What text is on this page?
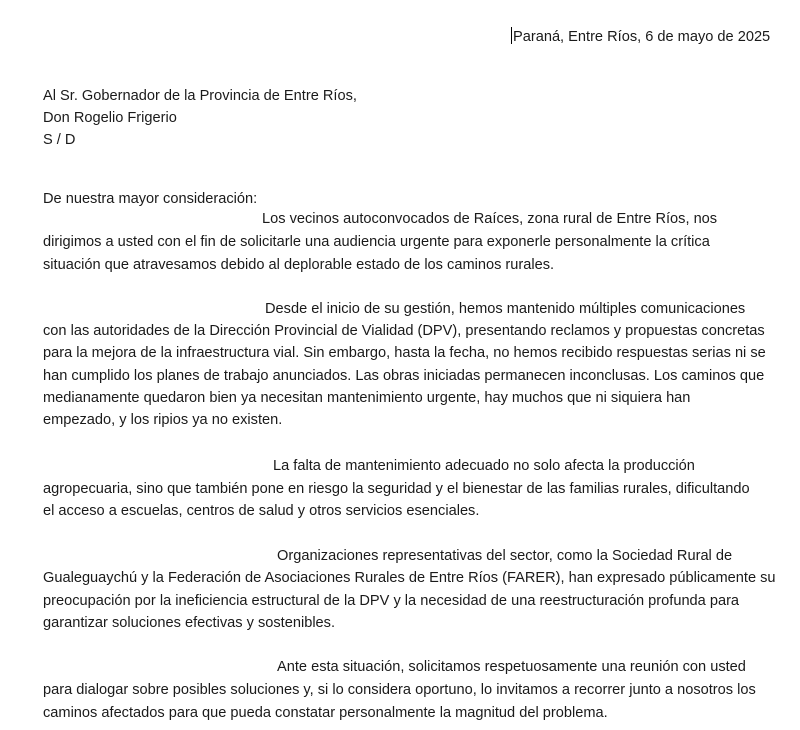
Paraná, Entre Ríos, 6 de mayo de 2025
Al Sr. Gobernador de la Provincia de Entre Ríos,
Don Rogelio Frigerio
S / D
De nuestra mayor consideración:
Los vecinos autoconvocados de Raíces, zona rural de Entre Ríos, nos
dirigimos a usted con el fin de solicitarle una audiencia urgente para exponerle personalmente la crítica
situación que atravesamos debido al deplorable estado de los caminos rurales.
Desde el inicio de su gestión, hemos mantenido múltiples comunicaciones
con las autoridades de la Dirección Provincial de Vialidad (DPV), presentando reclamos y propuestas concretas
para la mejora de la infraestructura vial. Sin embargo, hasta la fecha, no hemos recibido respuestas serias ni se
han cumplido los planes de trabajo anunciados. Las obras iniciadas permanecen inconclusas. Los caminos que
medianamente quedaron bien ya necesitan mantenimiento urgente, hay muchos que ni siquiera han
empezado, y los ripios ya no existen.
La falta de mantenimiento adecuado no solo afecta la producción
agropecuaria, sino que también pone en riesgo la seguridad y el bienestar de las familias rurales, dificultando
el acceso a escuelas, centros de salud y otros servicios esenciales.
Organizaciones representativas del sector, como la Sociedad Rural de
Gualeguaychú y la Federación de Asociaciones Rurales de Entre Ríos (FARER), han expresado públicamente su
preocupación por la ineficiencia estructural de la DPV y la necesidad de una reestructuración profunda para
garantizar soluciones efectivas y sostenibles.
Ante esta situación, solicitamos respetuosamente una reunión con usted
para dialogar sobre posibles soluciones y, si lo considera oportuno, lo invitamos a recorrer junto a nosotros los
caminos afectados para que pueda constatar personalmente la magnitud del problema.
